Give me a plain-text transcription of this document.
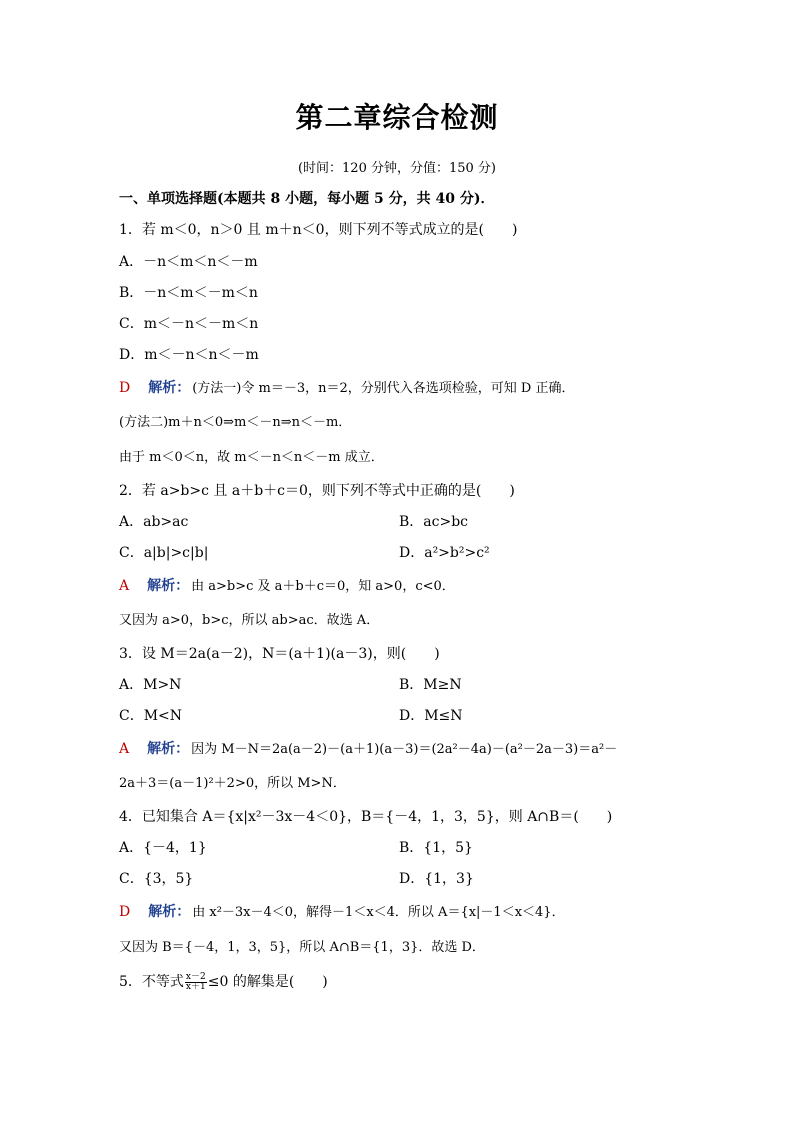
第二章综合检测
(时间：120 分钟，分值：150 分)
一、单项选择题(本题共 8 小题，每小题 5 分，共 40 分)．
1．若 m＜0，n＞0 且 m＋n＜0，则下列不等式成立的是(　　)
A．－n＜m＜n＜－m
B．－n＜m＜－m＜n
C．m＜－n＜－m＜n
D．m＜－n＜n＜－m
D 解析： (方法一)令 m＝－3，n＝2，分别代入各选项检验，可知 D 正确．
(方法二)m＋n＜0⇒m＜－n⇒n＜－m．
由于 m＜0＜n，故 m＜－n＜n＜－m 成立．
2．若 a>b>c 且 a＋b＋c＝0，则下列不等式中正确的是(　　)
A．ab>ac	B．ac>bc
C．a|b|>c|b|	D．a²>b²>c²
A 解析： 由 a>b>c 及 a＋b＋c＝0，知 a>0，c<0．
又因为 a>0，b>c，所以 ab>ac．故选 A．
3．设 M＝2a(a－2)，N＝(a＋1)(a－3)，则(　　)
A．M>N	B．M≥N
C．M<N	D．M≤N
A 解析： 因为 M－N＝2a(a－2)－(a＋1)(a－3)＝(2a²－4a)－(a²－2a－3)＝a²－
2a＋3＝(a－1)²＋2>0，所以 M>N．
4．已知集合 A＝{x|x²－3x－4＜0}，B＝{－4，1，3，5}，则 A∩B＝(　　)
A．{－4，1}	B．{1，5}
C．{3，5}	D．{1，3}
D 解析： 由 x²－3x－4＜0，解得－1＜x＜4．所以 A＝{x|－1＜x＜4}．
又因为 B＝{－4，1，3，5}，所以 A∩B＝{1，3}．故选 D．
5．不等式 $\frac{x-2}{x+1} \le 0$ 的解集是(　　)
